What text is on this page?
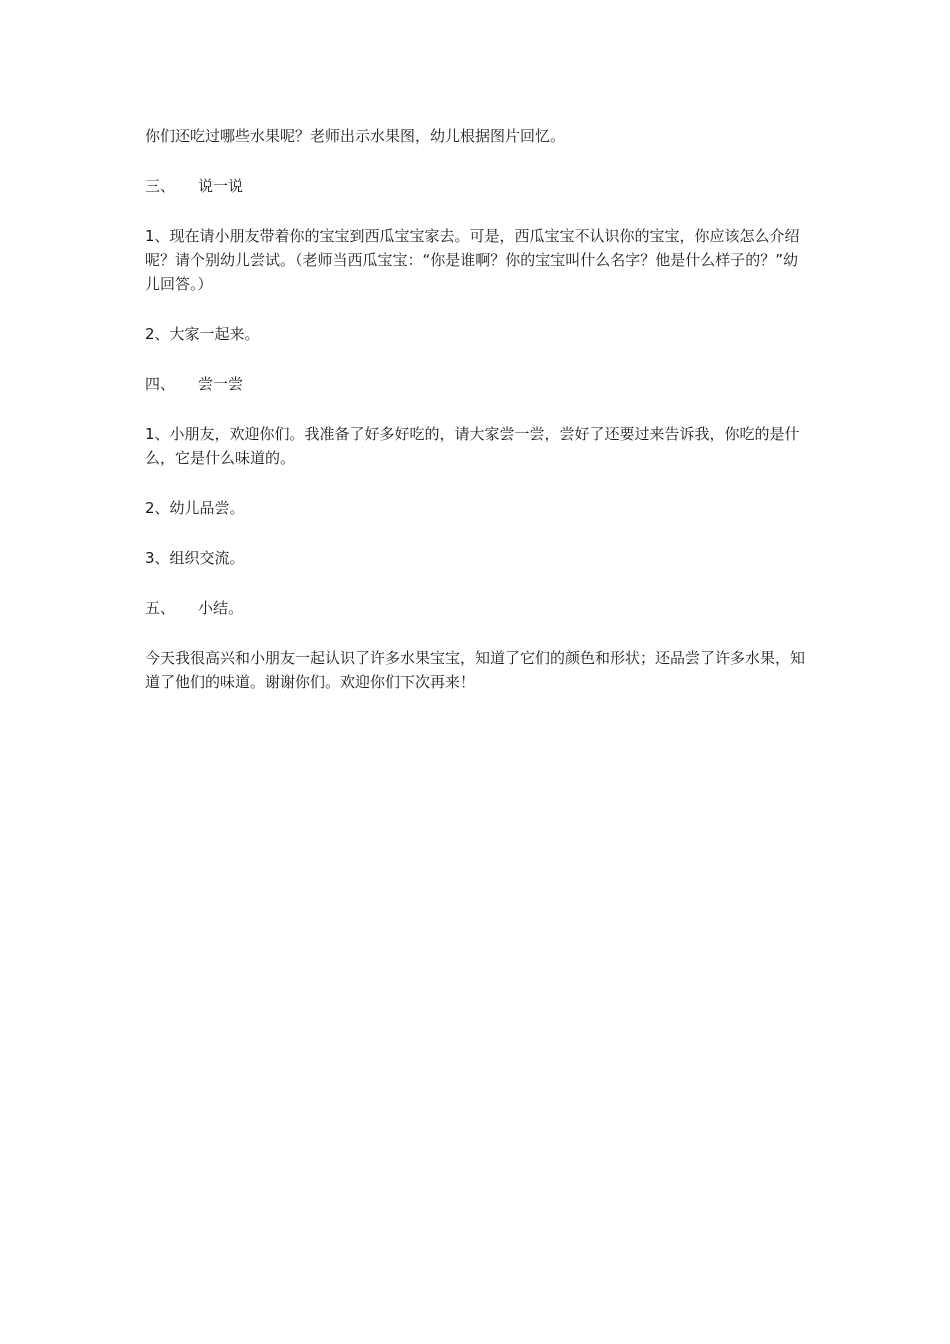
你们还吃过哪些水果呢？老师出示水果图，幼儿根据图片回忆。

三、	说一说

1、现在请小朋友带着你的宝宝到西瓜宝宝家去。可是，西瓜宝宝不认识你的宝宝，你应该怎么介绍呢？请个别幼儿尝试。（老师当西瓜宝宝：“你是谁啊？你的宝宝叫什么名字？他是什么样子的？”幼儿回答。）

2、大家一起来。

四、	尝一尝

1、小朋友，欢迎你们。我准备了好多好吃的，请大家尝一尝，尝好了还要过来告诉我，你吃的是什么，它是什么味道的。

2、幼儿品尝。

3、组织交流。

五、	小结。

今天我很高兴和小朋友一起认识了许多水果宝宝，知道了它们的颜色和形状；还品尝了许多水果，知道了他们的味道。谢谢你们。欢迎你们下次再来！
